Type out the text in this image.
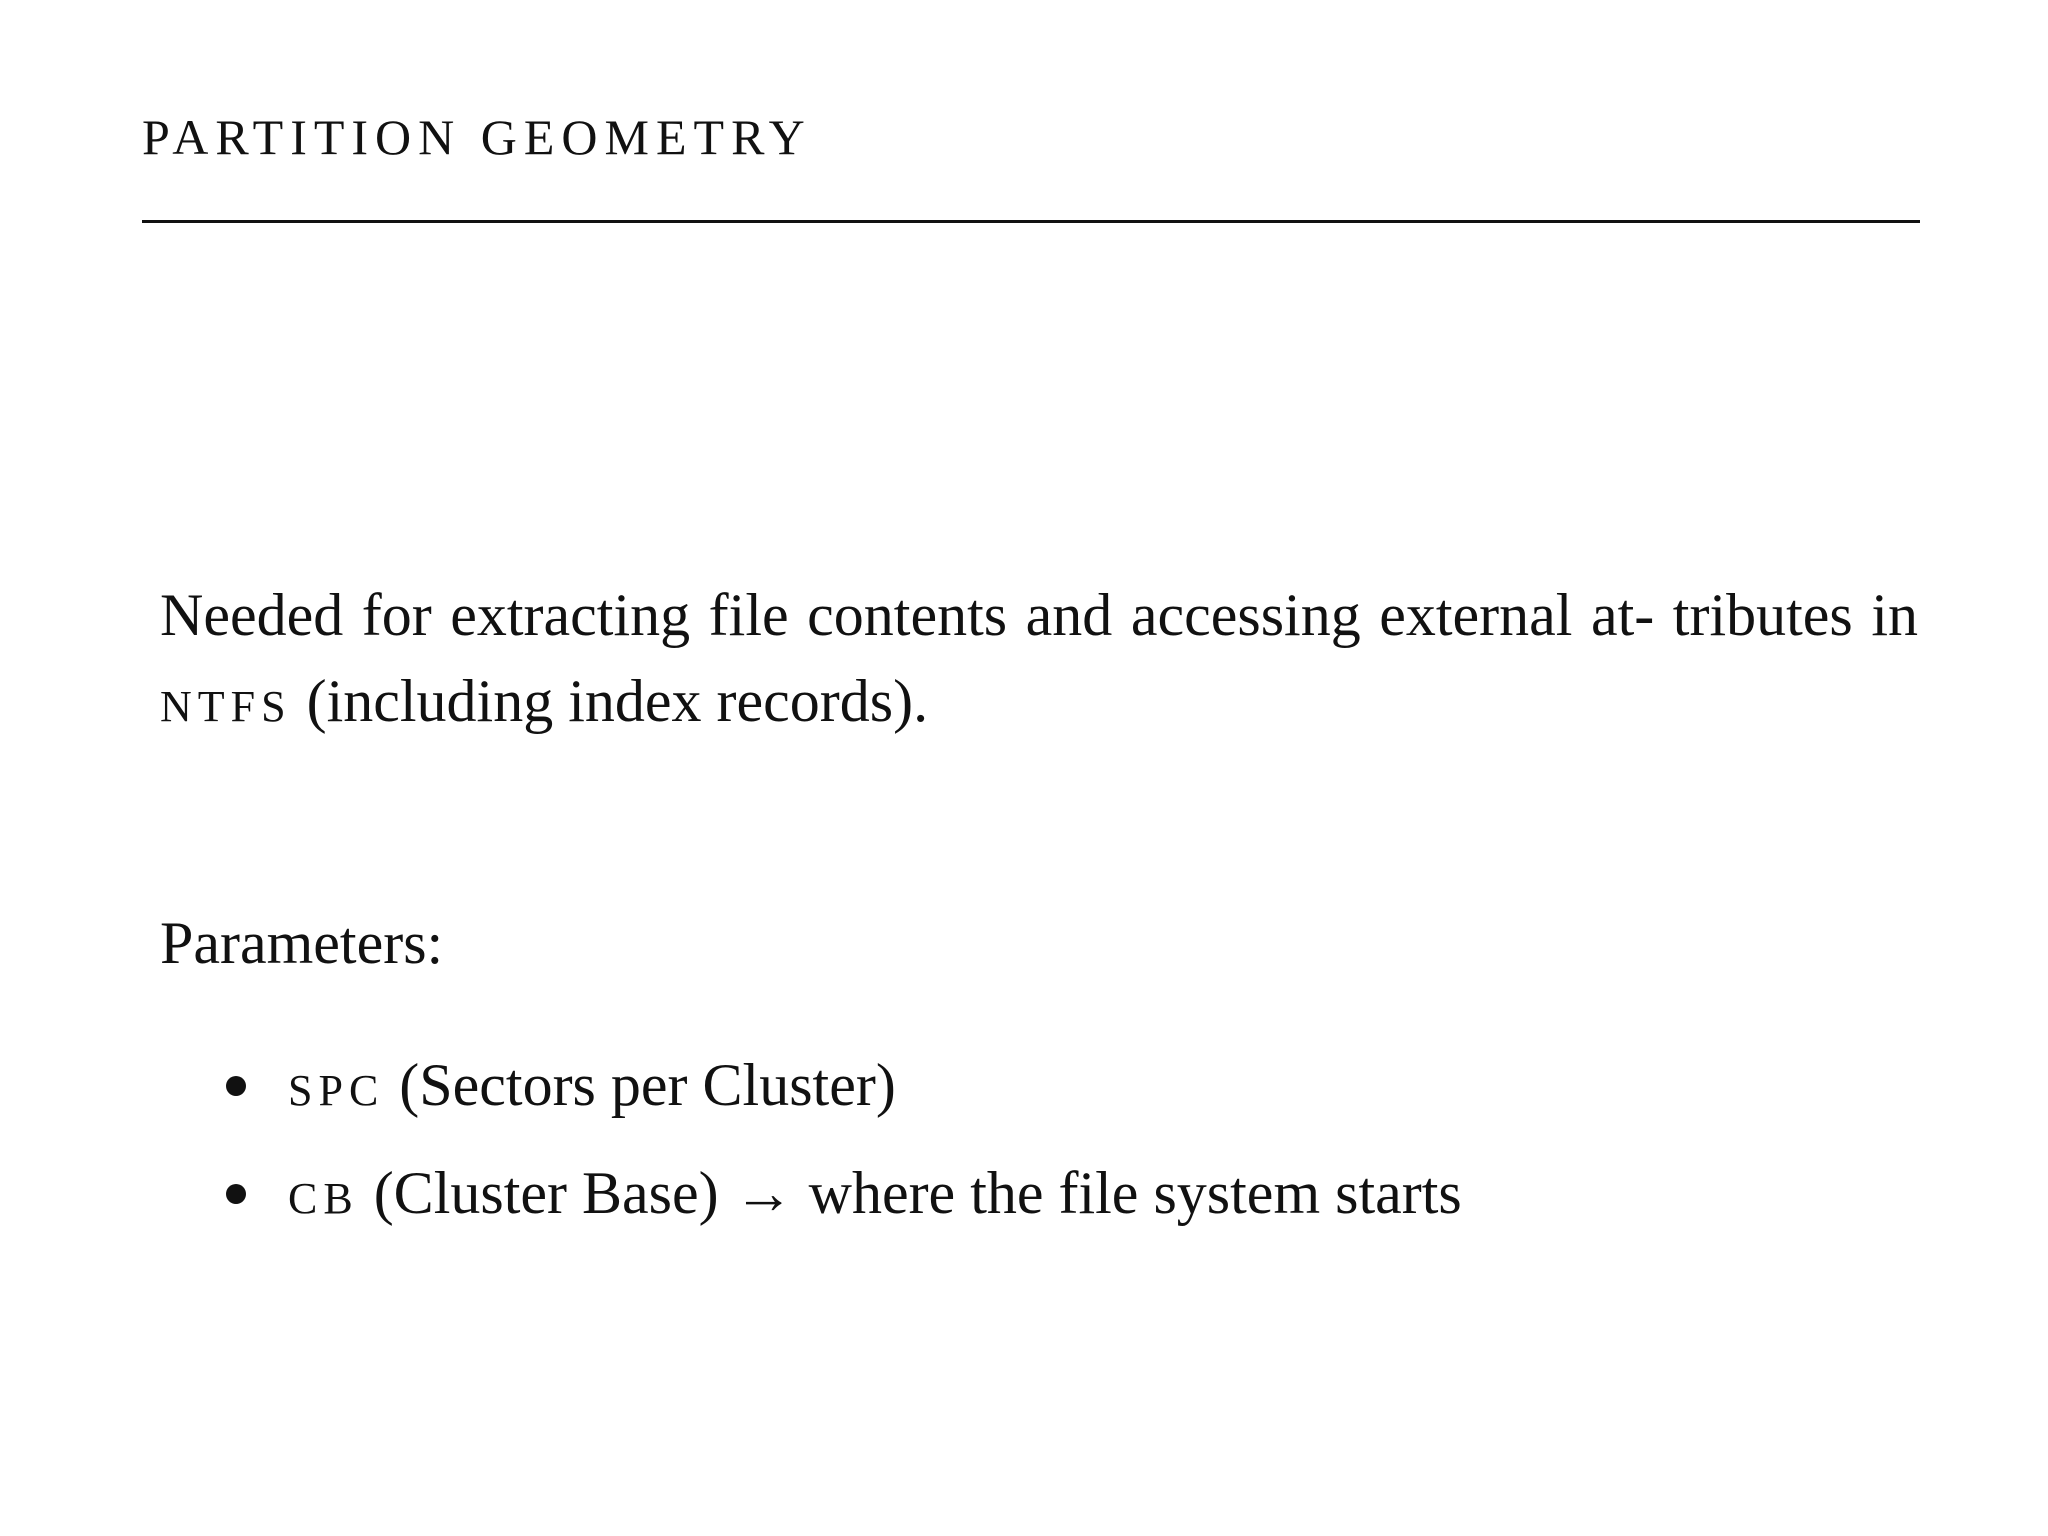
PARTITION GEOMETRY

Needed for extracting file contents and accessing external at- tributes in NTFS (including index records).

Parameters:

SPC (Sectors per Cluster)
CB (Cluster Base) → where the file system starts
